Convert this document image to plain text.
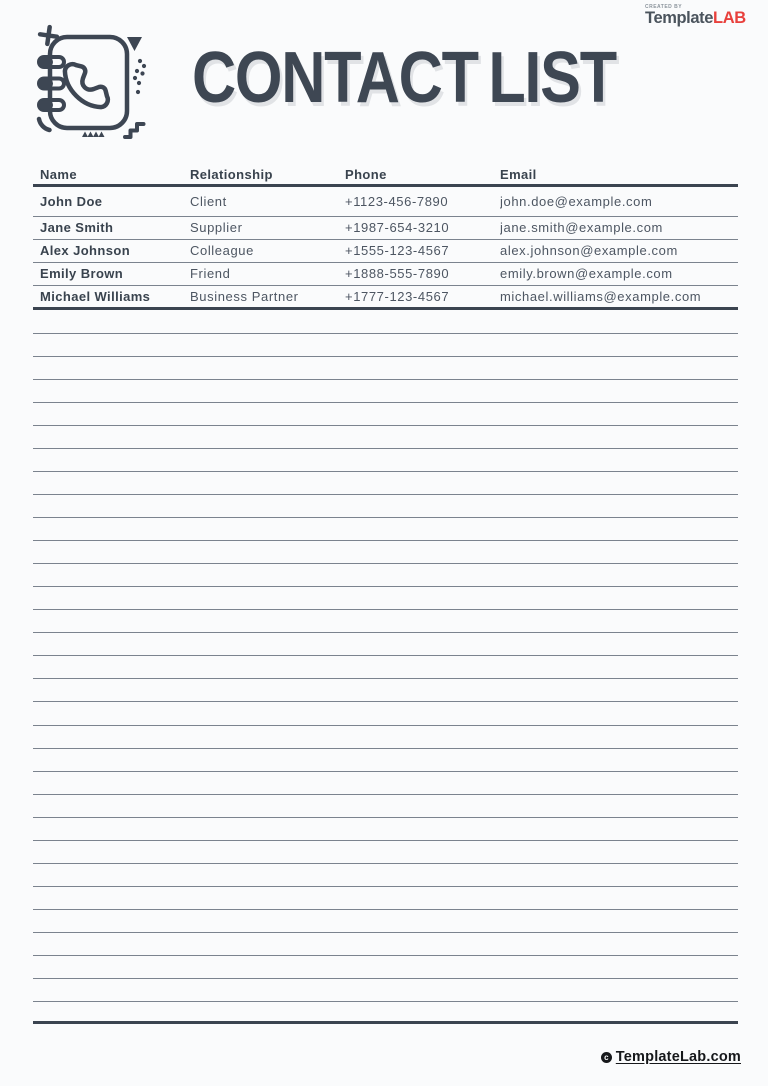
CREATED BY
TemplateLAB
CONTACT LIST
Name	Relationship	Phone	Email
John Doe	Client	+1123-456-7890	john.doe@example.com
Jane Smith	Supplier	+1987-654-3210	jane.smith@example.com
Alex Johnson	Colleague	+1555-123-4567	alex.johnson@example.com
Emily Brown	Friend	+1888-555-7890	emily.brown@example.com
Michael Williams	Business Partner	+1777-123-4567	michael.williams@example.com
c TemplateLab.com
